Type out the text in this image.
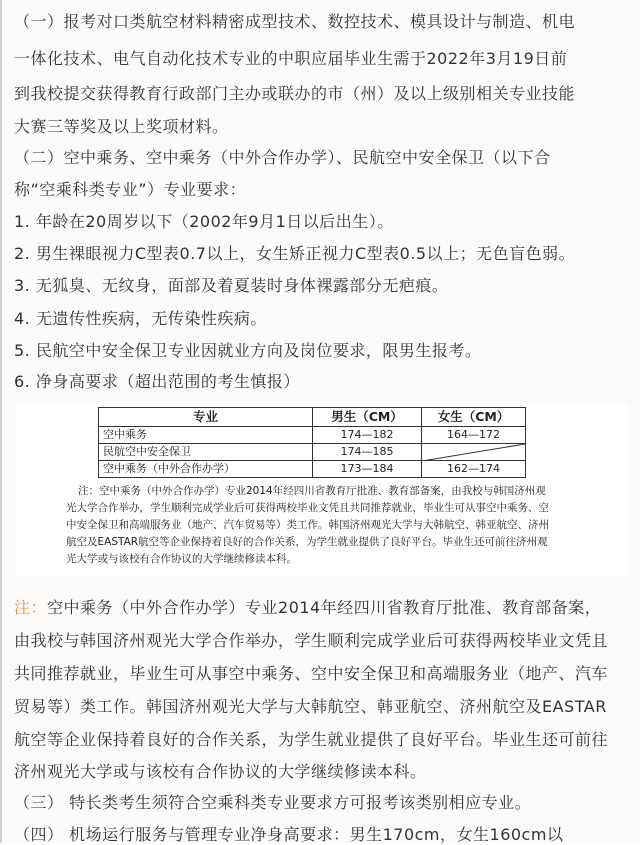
（一）报考对口类航空材料精密成型技术、数控技术、模具设计与制造、机电
一体化技术、电气自动化技术专业的中职应届毕业生需于2022年3月19日前
到我校提交获得教育行政部门主办或联办的市（州）及以上级别相关专业技能
大赛三等奖及以上奖项材料。
（二）空中乘务、空中乘务（中外合作办学）、民航空中安全保卫（以下合
称“空乘科类专业”）专业要求：
1. 年龄在20周岁以下（2002年9月1日以后出生）。
2. 男生裸眼视力C型表0.7以上，女生矫正视力C型表0.5以上；无色盲色弱。
3. 无狐臭、无纹身，面部及着夏装时身体裸露部分无疤痕。
4. 无遗传性疾病，无传染性疾病。
5. 民航空中安全保卫专业因就业方向及岗位要求，限男生报考。
6. 净身高要求（超出范围的考生慎报）
专业	男生（CM）	女生（CM）
空中乘务	174—182	164—172
民航空中安全保卫	174—185	

空中乘务（中外合作办学）	173—184	162—174
注：空中乘务（中外合作办学）专业2014年经四川省教育厅批准、教育部备案，由我校与韩国济州观
光大学合作举办，学生顺利完成学业后可获得两校毕业文凭且共同推荐就业，毕业生可从事空中乘务、空
中安全保卫和高端服务业（地产、汽车贸易等）类工作。韩国济州观光大学与大韩航空、韩亚航空、济州
航空及EASTAR航空等企业保持着良好的合作关系，为学生就业提供了良好平台。毕业生还可前往济州观
光大学或与该校有合作协议的大学继续修读本科。
注：空中乘务（中外合作办学）专业2014年经四川省教育厅批准、教育部备案，
由我校与韩国济州观光大学合作举办，学生顺利完成学业后可获得两校毕业文凭且
共同推荐就业，毕业生可从事空中乘务、空中安全保卫和高端服务业（地产、汽车
贸易等）类工作。韩国济州观光大学与大韩航空、韩亚航空、济州航空及EASTAR
航空等企业保持着良好的合作关系，为学生就业提供了良好平台。毕业生还可前往
济州观光大学或与该校有合作协议的大学继续修读本科。
（三） 特长类考生须符合空乘科类专业要求方可报考该类别相应专业。
（四） 机场运行服务与管理专业净身高要求：男生170cm，女生160cm以
